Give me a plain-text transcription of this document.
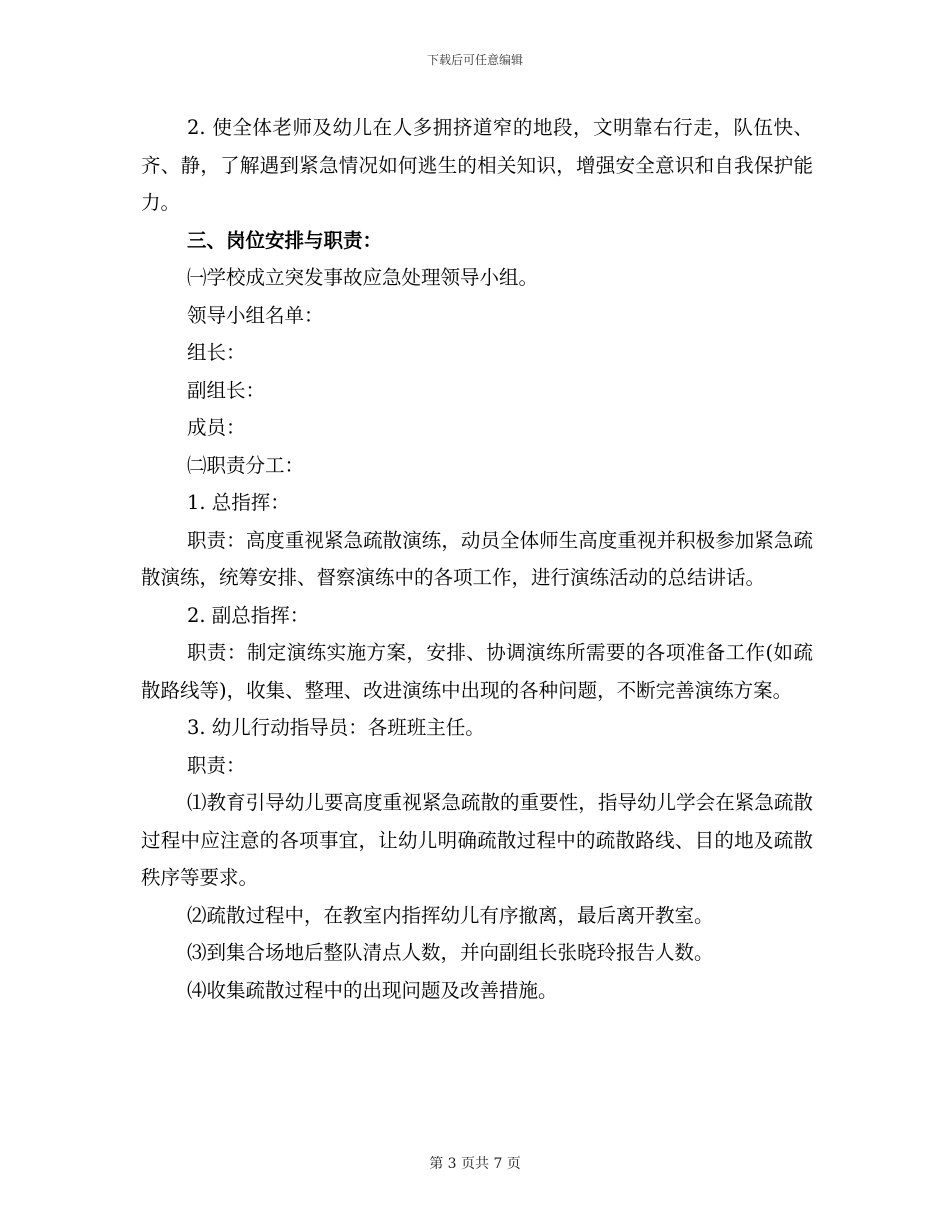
下载后可任意编辑

2. 使全体老师及幼儿在人多拥挤道窄的地段，文明靠右行走，队伍快、齐、静，了解遇到紧急情况如何逃生的相关知识，增强安全意识和自我保护能力。

三、岗位安排与职责：

㈠学校成立突发事故应急处理领导小组。

领导小组名单：

组长：

副组长：

成员：

㈡职责分工：

1. 总指挥：

职责：高度重视紧急疏散演练，动员全体师生高度重视并积极参加紧急疏散演练，统筹安排、督察演练中的各项工作，进行演练活动的总结讲话。

2. 副总指挥：

职责：制定演练实施方案，安排、协调演练所需要的各项准备工作(如疏散路线等)，收集、整理、改进演练中出现的各种问题，不断完善演练方案。

3. 幼儿行动指导员：各班班主任。

职责：

⑴教育引导幼儿要高度重视紧急疏散的重要性，指导幼儿学会在紧急疏散过程中应注意的各项事宜，让幼儿明确疏散过程中的疏散路线、目的地及疏散秩序等要求。

⑵疏散过程中，在教室内指挥幼儿有序撤离，最后离开教室。

⑶到集合场地后整队清点人数，并向副组长张晓玲报告人数。

⑷收集疏散过程中的出现问题及改善措施。

第 3 页共 7 页
